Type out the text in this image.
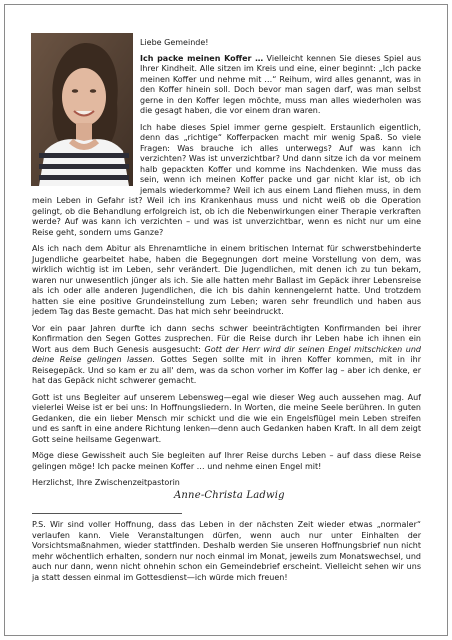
Liebe Gemeinde!

Ich packe meinen Koffer … Vielleicht kennen Sie dieses Spiel aus Ihrer Kindheit. Alle sitzen im Kreis und eine, einer beginnt: „Ich packe meinen Koffer und nehme mit …“ Reihum, wird alles genannt, was in den Koffer hinein soll. Doch bevor man sagen darf, was man selbst gerne in den Koffer legen möchte, muss man alles wiederholen was die gesagt haben, die vor einem dran waren.

Ich habe dieses Spiel immer gerne gespielt. Erstaunlich eigentlich, denn das „richtige“ Kofferpacken macht mir wenig Spaß. So viele Fragen: Was brauche ich alles unterwegs? Auf was kann ich verzichten? Was ist unverzichtbar? Und dann sitze ich da vor meinem halb gepackten Koffer und komme ins Nachdenken. Wie muss das sein, wenn ich meinen Koffer packe und gar nicht klar ist, ob ich jemals wiederkomme? Weil ich aus einem Land fliehen muss, in dem mein Leben in Gefahr ist? Weil ich ins Krankenhaus muss und nicht weiß ob die Operation gelingt, ob die Behandlung erfolgreich ist, ob ich die Nebenwirkungen einer Therapie verkraften werde? Auf was kann ich verzichten – und was ist unverzichtbar, wenn es nicht nur um eine Reise geht, sondern ums Ganze?

Als ich nach dem Abitur als Ehrenamtliche in einem britischen Internat für schwerstbehinderte Jugendliche gearbeitet habe, haben die Begegnungen dort meine Vorstellung von dem, was wirklich wichtig ist im Leben, sehr verändert. Die Jugendlichen, mit denen ich zu tun bekam, waren nur unwesentlich jünger als ich. Sie alle hatten mehr Ballast im Gepäck ihrer Lebensreise als ich oder alle anderen Jugendlichen, die ich bis dahin kennengelernt hatte. Und trotzdem hatten sie eine positive Grundeinstellung zum Leben; waren sehr freundlich und haben aus jedem Tag das Beste gemacht. Das hat mich sehr beeindruckt.

Vor ein paar Jahren durfte ich dann sechs schwer beeinträchtigten Konfirmanden bei ihrer Konfirmation den Segen Gottes zusprechen. Für die Reise durch ihr Leben habe ich ihnen ein Wort aus dem Buch Genesis ausgesucht: Gott der Herr wird dir seinen Engel mitschicken und deine Reise gelingen lassen. Gottes Segen sollte mit in ihren Koffer kommen, mit in ihr Reisegepäck. Und so kam er zu all' dem, was da schon vorher im Koffer lag – aber ich denke, er hat das Gepäck nicht schwerer gemacht.

Gott ist uns Begleiter auf unserem Lebensweg—egal wie dieser Weg auch aussehen mag. Auf vielerlei Weise ist er bei uns: In Hoffnungsliedern. In Worten, die meine Seele berühren. In guten Gedanken, die ein lieber Mensch mir schickt und die wie ein Engelsflügel mein Leben streifen und es sanft in eine andere Richtung lenken—denn auch Gedanken haben Kraft. In all dem zeigt Gott seine heilsame Gegenwart.

Möge diese Gewissheit auch Sie begleiten auf Ihrer Reise durchs Leben – auf dass diese Reise gelingen möge! Ich packe meinen Koffer … und nehme einen Engel mit!

Herzlichst, Ihre Zwischenzeitpastorin

Anne-Christa Ladwig

P.S. Wir sind voller Hoffnung, dass das Leben in der nächsten Zeit wieder etwas „normaler“ verlaufen kann. Viele Veranstaltungen dürfen, wenn auch nur unter Einhalten der Vorsichtsmaßnahmen, wieder stattfinden. Deshalb werden Sie unseren Hoffnungsbrief nun nicht mehr wöchentlich erhalten, sondern nur noch einmal im Monat, jeweils zum Monatswechsel, und auch nur dann, wenn nicht ohnehin schon ein Gemeindebrief erscheint. Vielleicht sehen wir uns ja statt dessen einmal im Gottesdienst—ich würde mich freuen!
